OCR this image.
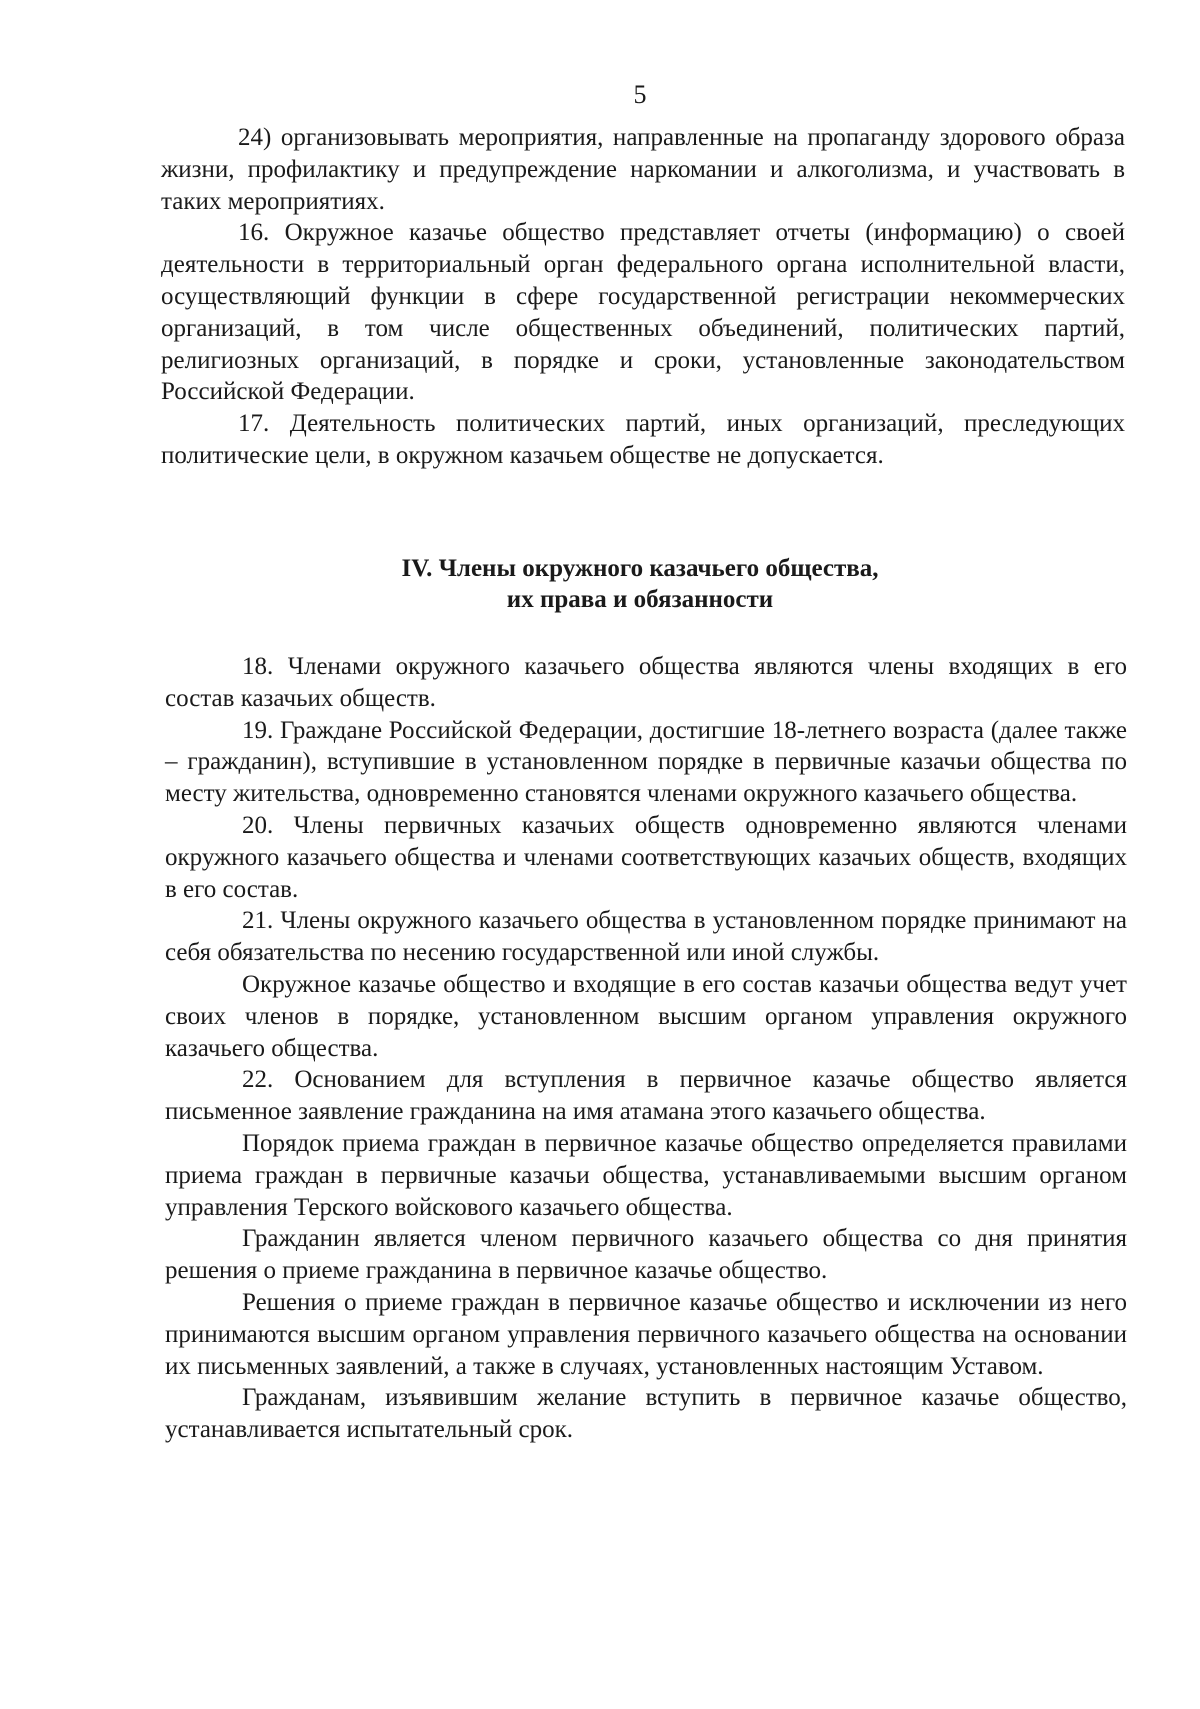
5

24) организовывать мероприятия, направленные на пропаганду здорового образа жизни, профилактику и предупреждение наркомании и алкоголизма, и участвовать в таких мероприятиях.

16. Окружное казачье общество представляет отчеты (информацию) о своей деятельности в территориальный орган федерального органа исполнительной власти, осуществляющий функции в сфере государственной регистрации некоммерческих организаций, в том числе общественных объединений, политических партий, религиозных организаций, в порядке и сроки, установленные законодательством Российской Федерации.

17. Деятельность политических партий, иных организаций, преследующих политические цели, в окружном казачьем обществе не допускается.

IV. Члены окружного казачьего общества,
их права и обязанности

18. Членами окружного казачьего общества являются члены входящих в его состав казачьих обществ.

19. Граждане Российской Федерации, достигшие 18-летнего возраста (далее также – гражданин), вступившие в установленном порядке в первичные казачьи общества по месту жительства, одновременно становятся членами окружного казачьего общества.

20. Члены первичных казачьих обществ одновременно являются членами окружного казачьего общества и членами соответствующих казачьих обществ, входящих в его состав.

21. Члены окружного казачьего общества в установленном порядке принимают на себя обязательства по несению государственной или иной службы.

Окружное казачье общество и входящие в его состав казачьи общества ведут учет своих членов в порядке, установленном высшим органом управления окружного казачьего общества.

22. Основанием для вступления в первичное казачье общество является письменное заявление гражданина на имя атамана этого казачьего общества.

Порядок приема граждан в первичное казачье общество определяется правилами приема граждан в первичные казачьи общества, устанавливаемыми высшим органом управления Терского войскового казачьего общества.

Гражданин является членом первичного казачьего общества со дня принятия решения о приеме гражданина в первичное казачье общество.

Решения о приеме граждан в первичное казачье общество и исключении из него принимаются высшим органом управления первичного казачьего общества на основании их письменных заявлений, а также в случаях, установленных настоящим Уставом.

Гражданам, изъявившим желание вступить в первичное казачье общество, устанавливается испытательный срок.
